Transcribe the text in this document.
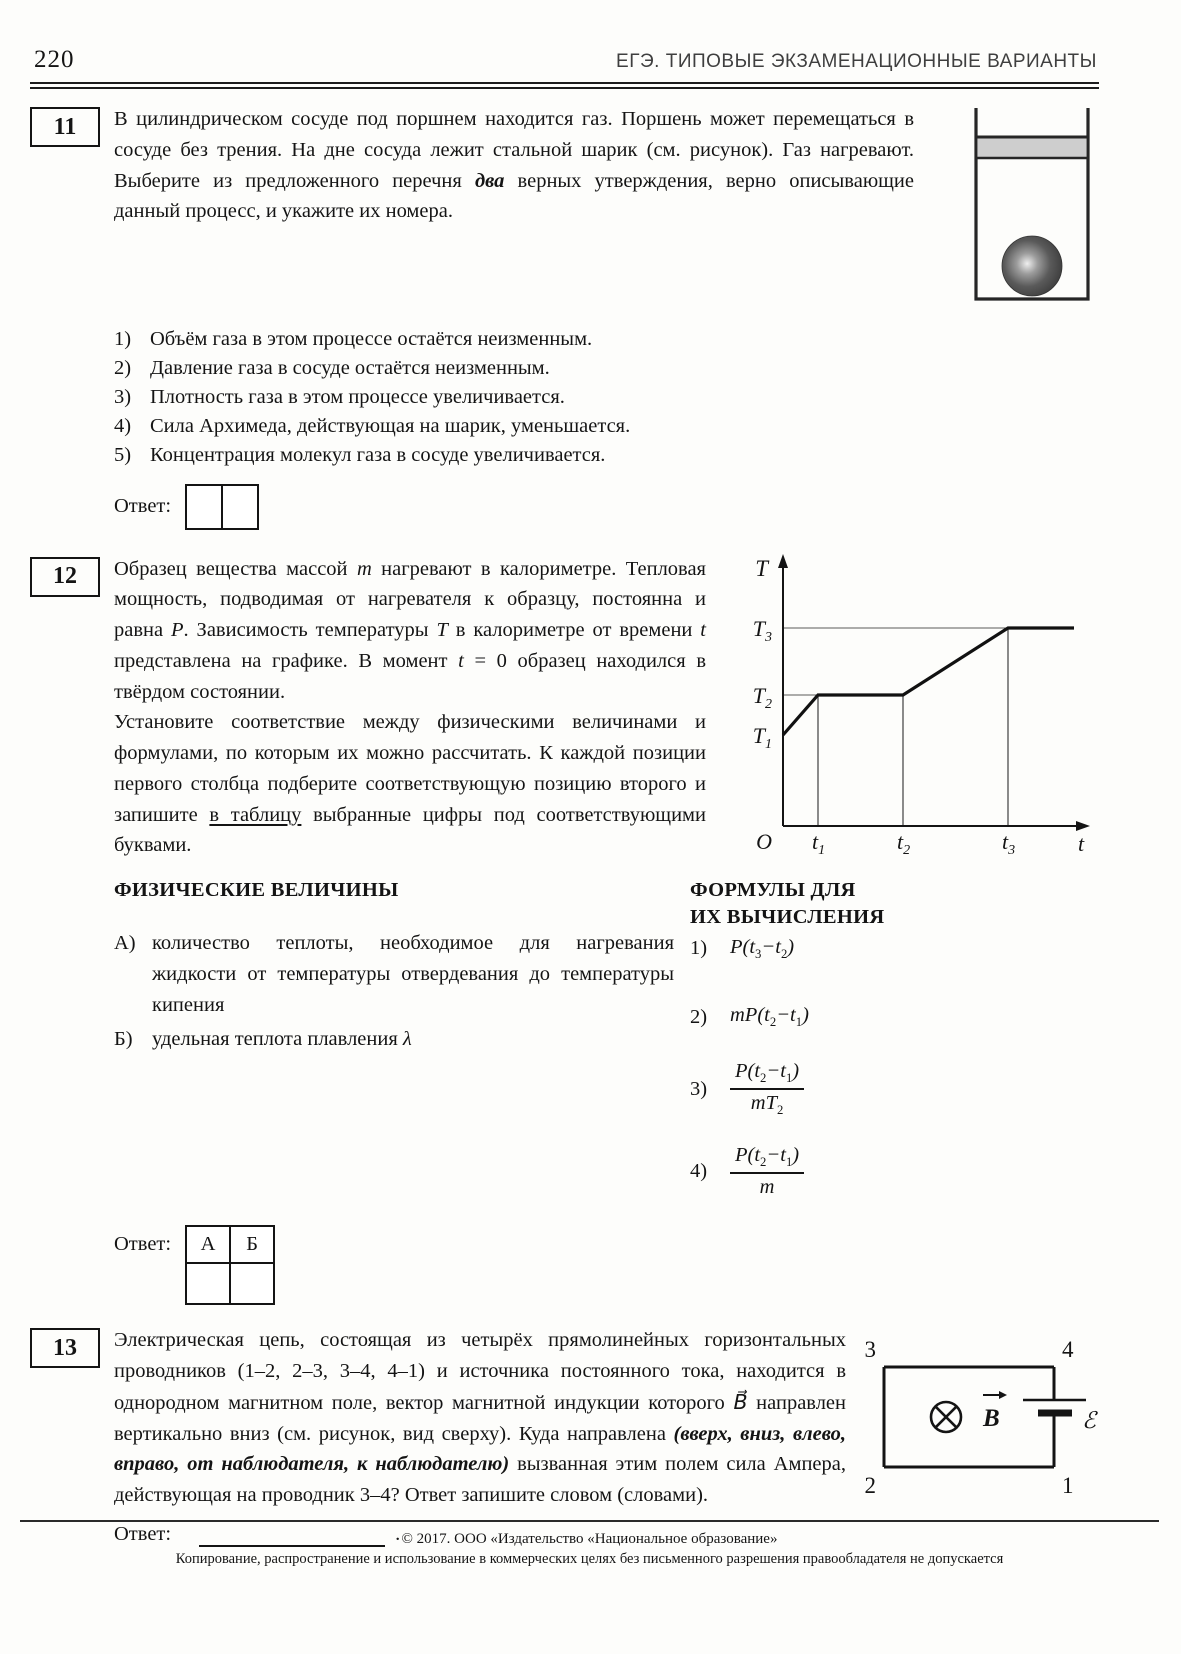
220	ЕГЭ. ТИПОВЫЕ ЭКЗАМЕНАЦИОННЫЕ ВАРИАНТЫ
11	В цилиндрическом сосуде под поршнем находится газ. Поршень может перемещаться в сосуде без трения. На дне сосуда лежит стальной шарик (см. рисунок). Газ нагревают. Выберите из предложенного перечня два верных утверждения, верно описывающие данный процесс, и укажите их номера.

1) Объём газа в этом процессе остаётся неизменным.
2) Давление газа в сосуде остаётся неизменным.
3) Плотность газа в этом процессе увеличивается.
4) Сила Архимеда, действующая на шарик, уменьшается.
5) Концентрация молекул газа в сосуде увеличивается.
Ответ:
12	Образец вещества массой m нагревают в калориметре. Тепловая мощность, подводимая от нагревателя к образцу, постоянна и равна P. Зависимость температуры T в калориметре от времени t представлена на графике. В момент t = 0 образец находился в твёрдом состоянии.

Установите соответствие между физическими величинами и формулами, по которым их можно рассчитать. К каждой позиции первого столбца подберите соответствующую позицию второго и запишите в таблицу выбранные цифры под соответствующими буквами.

T
$T_3$
$T_2$
$T_1$
O $t_1$	$t_2$	$t_3$	t
ФИЗИЧЕСКИЕ ВЕЛИЧИНЫ
А) количество теплоты, необходимое для нагревания жидкости от температуры отвердевания до температуры кипения
Б) удельная теплота плавления λ
ФОРМУЛЫ ДЛЯ
ИХ ВЫЧИСЛЕНИЯ
1)	$P(t_3-t_2)$
2)	$mP(t_2-t_1)$
3)	$\frac{P(t_2-t_1)}{mT_2}$
4)	$\frac{P(t_2-t_1)}{m}$
Ответ: А	Б

13	Электрическая цепь, состоящая из четырёх прямолинейных горизонтальных проводников (1–2, 2–3, 3–4, 4–1) и источника постоянного тока, находится в однородном магнитном поле, вектор магнитной индукции которого B⃗ направлен вертикально вниз (см. рисунок, вид сверху). Куда направлена (вверх, вниз, влево, вправо, от наблюдателя, к наблюдателю) вызванная этим полем сила Ампера, действующая на проводник 3–4? Ответ запишите словом (словами).

ℰ
B
3	4
2	1
Ответ:	. © 2017. ООО «Издательство «Национальное образование»
Копирование, распространение и использование в коммерческих целях без письменного разрешения правообладателя не допускается
